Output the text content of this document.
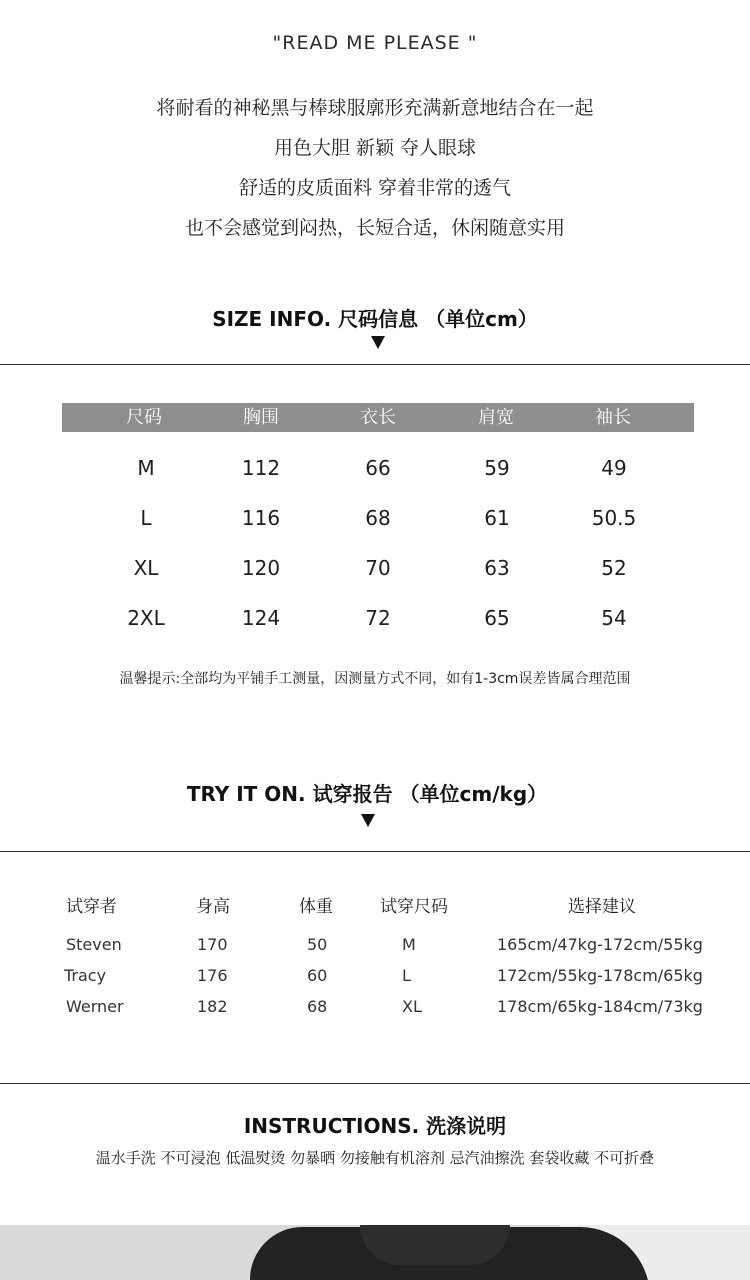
"READ ME PLEASE "
将耐看的神秘黑与棒球服廓形充满新意地结合在一起
用色大胆 新颖 夺人眼球
舒适的皮质面料 穿着非常的透气
也不会感觉到闷热，长短合适，休闲随意实用
SIZE INFO. 尺码信息 （单位cm）
尺码	胸围	衣长	肩宽	袖长
M	112	66	59	49
L	116	68	61	50.5
XL	120	70	63	52
2XL	124	72	65	54
温馨提示:全部均为平铺手工测量，因测量方式不同，如有1-3cm误差皆属合理范围
TRY IT ON. 试穿报告 （单位cm/kg）
试穿者	身高	体重	试穿尺码	选择建议
Steven	170	50	M	165cm/47kg-172cm/55kg
Tracy	176	60	L	172cm/55kg-178cm/65kg
Werner	182	68	XL	178cm/65kg-184cm/73kg
INSTRUCTIONS. 洗涤说明
温水手洗 不可浸泡 低温熨烫 勿暴晒 勿接触有机溶剂 忌汽油擦洗 套袋收藏 不可折叠
